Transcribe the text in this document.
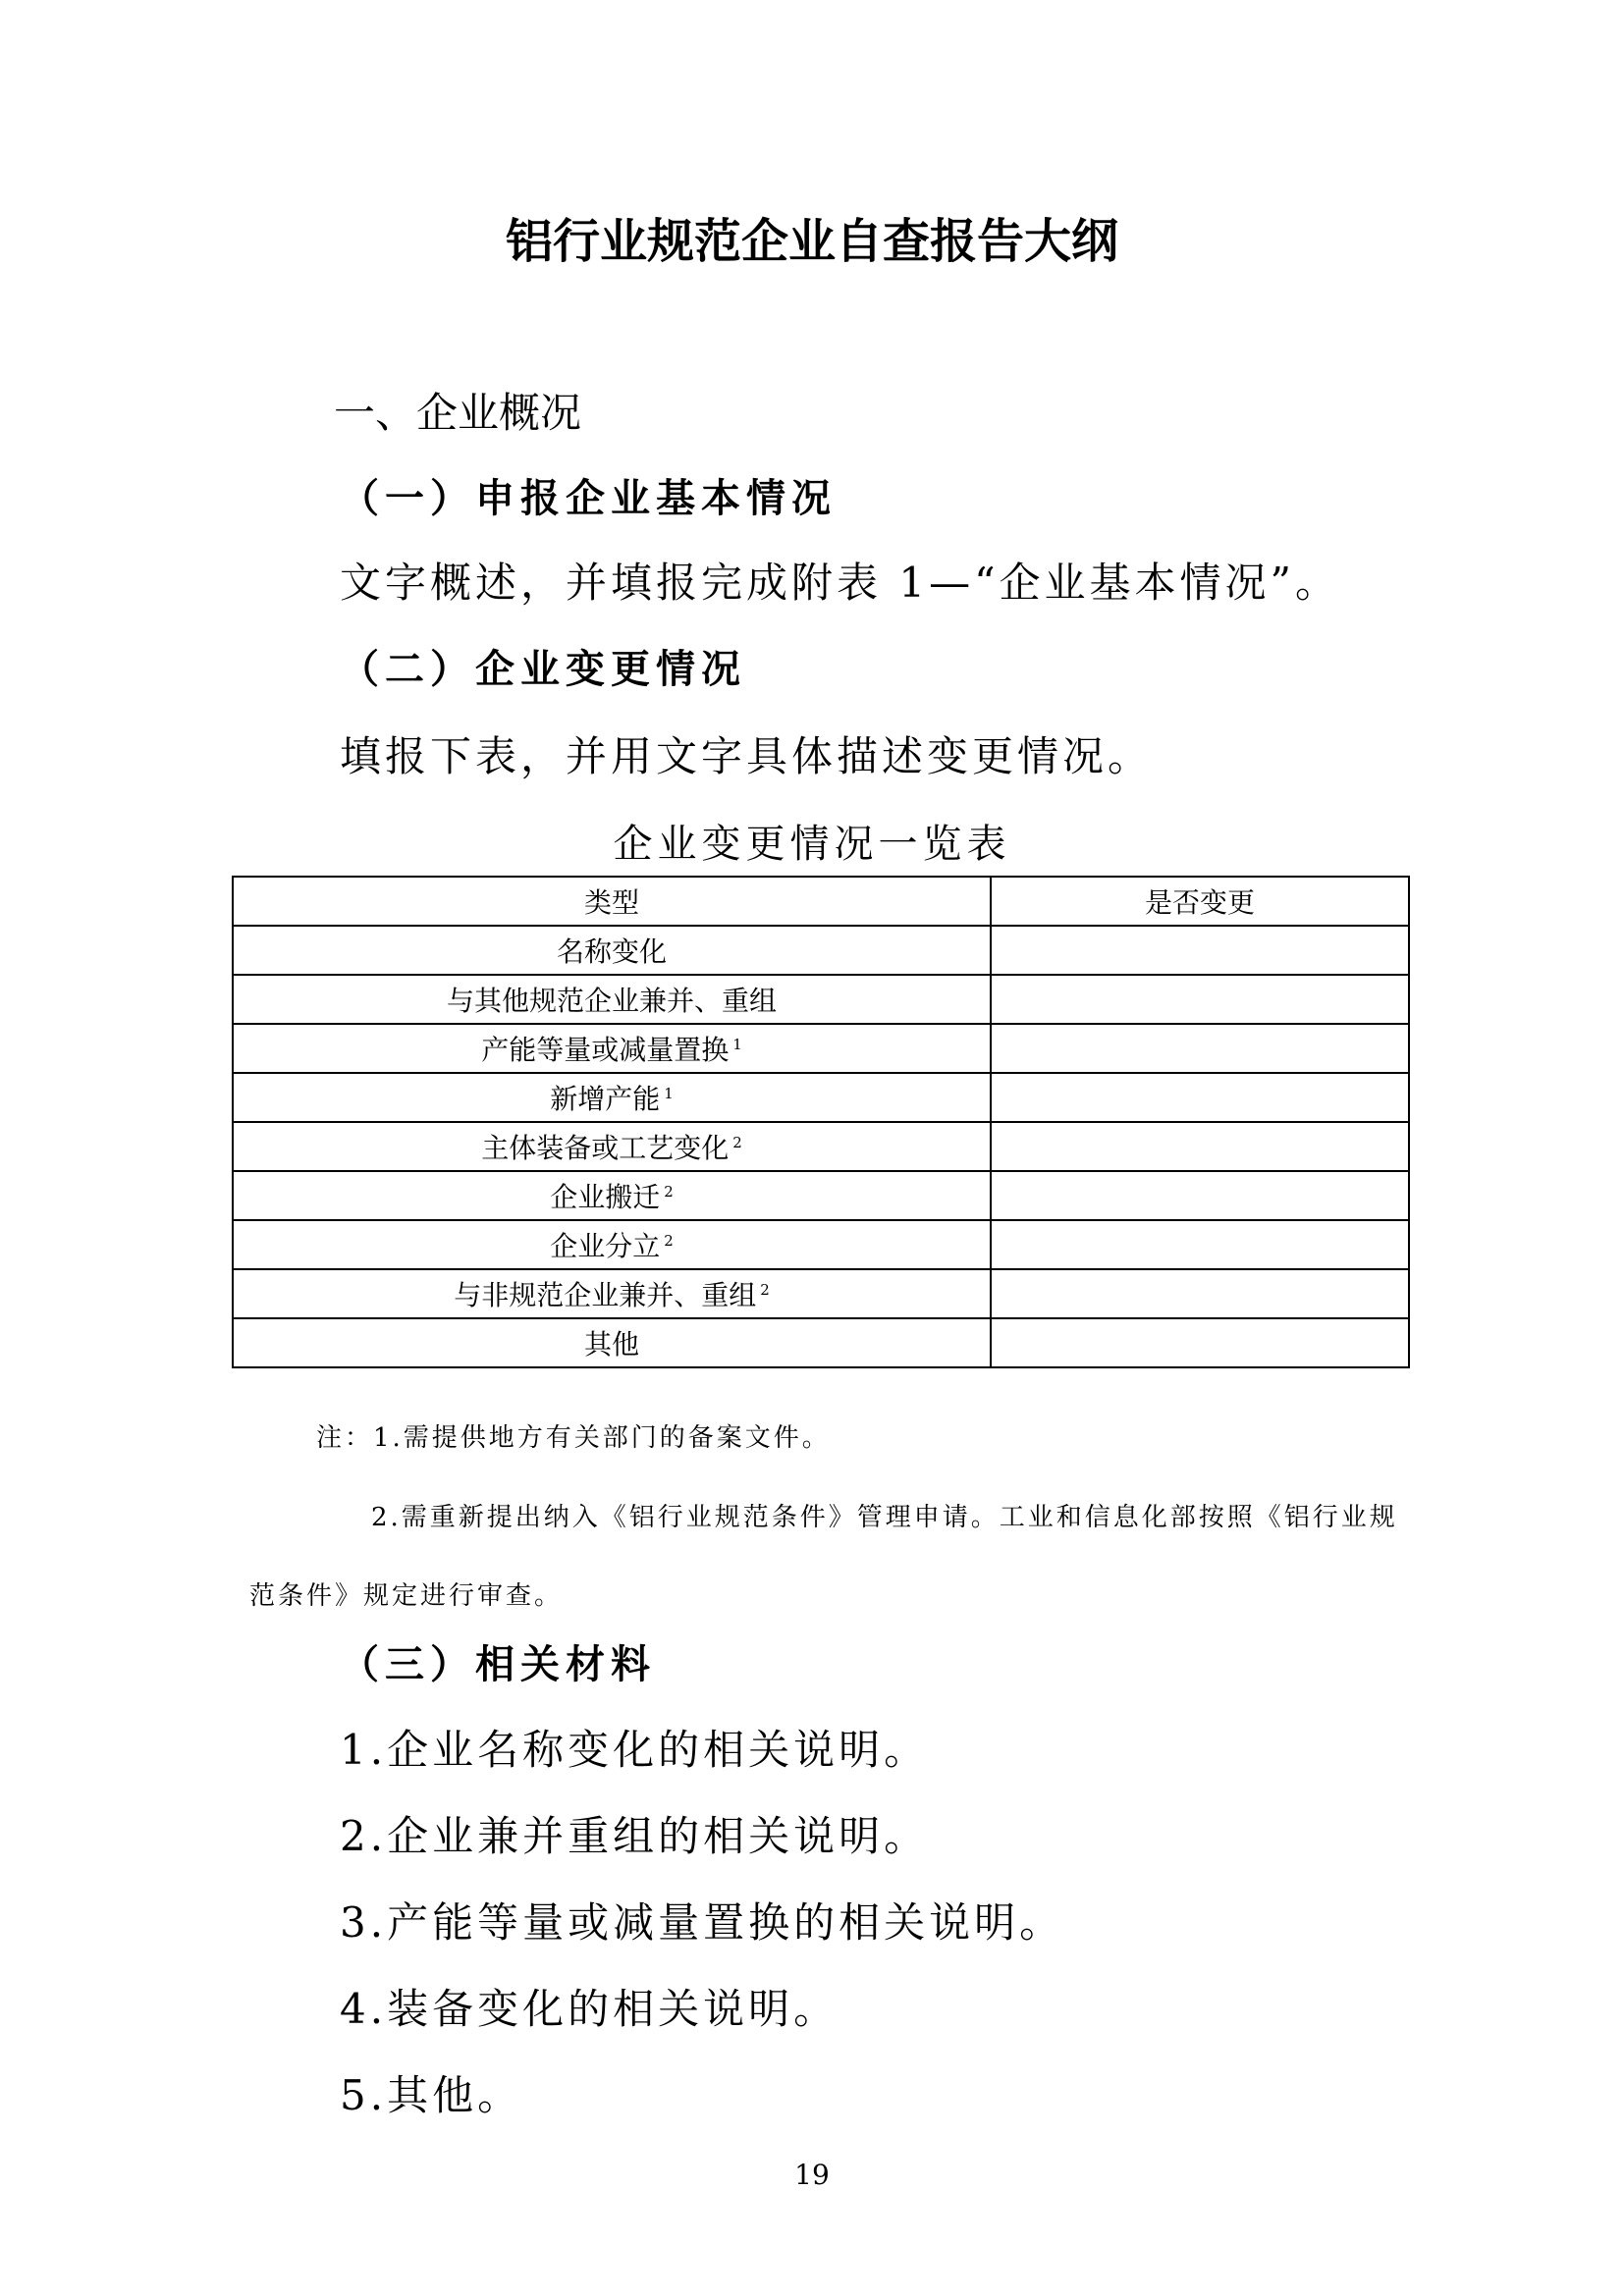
铝行业规范企业自查报告大纲
一、企业概况
（一）申报企业基本情况
文字概述，并填报完成附表 1—“企业基本情况”。
（二）企业变更情况
填报下表，并用文字具体描述变更情况。
企业变更情况一览表
类型	是否变更
名称变化	
与其他规范企业兼并、重组	
产能等量或减量置换 $^1$	
新增产能 $^1$	
主体装备或工艺变化 $^2$	
企业搬迁 $^2$	
企业分立 $^2$	
与非规范企业兼并、重组 $^2$	
其他	
注：1.需提供地方有关部门的备案文件。
2.需重新提出纳入《铝行业规范条件》管理申请。工业和信息化部按照《铝行业规
范条件》规定进行审查。
（三）相关材料
1.企业名称变化的相关说明。
2.企业兼并重组的相关说明。
3.产能等量或减量置换的相关说明。
4.装备变化的相关说明。
5.其他。
19
